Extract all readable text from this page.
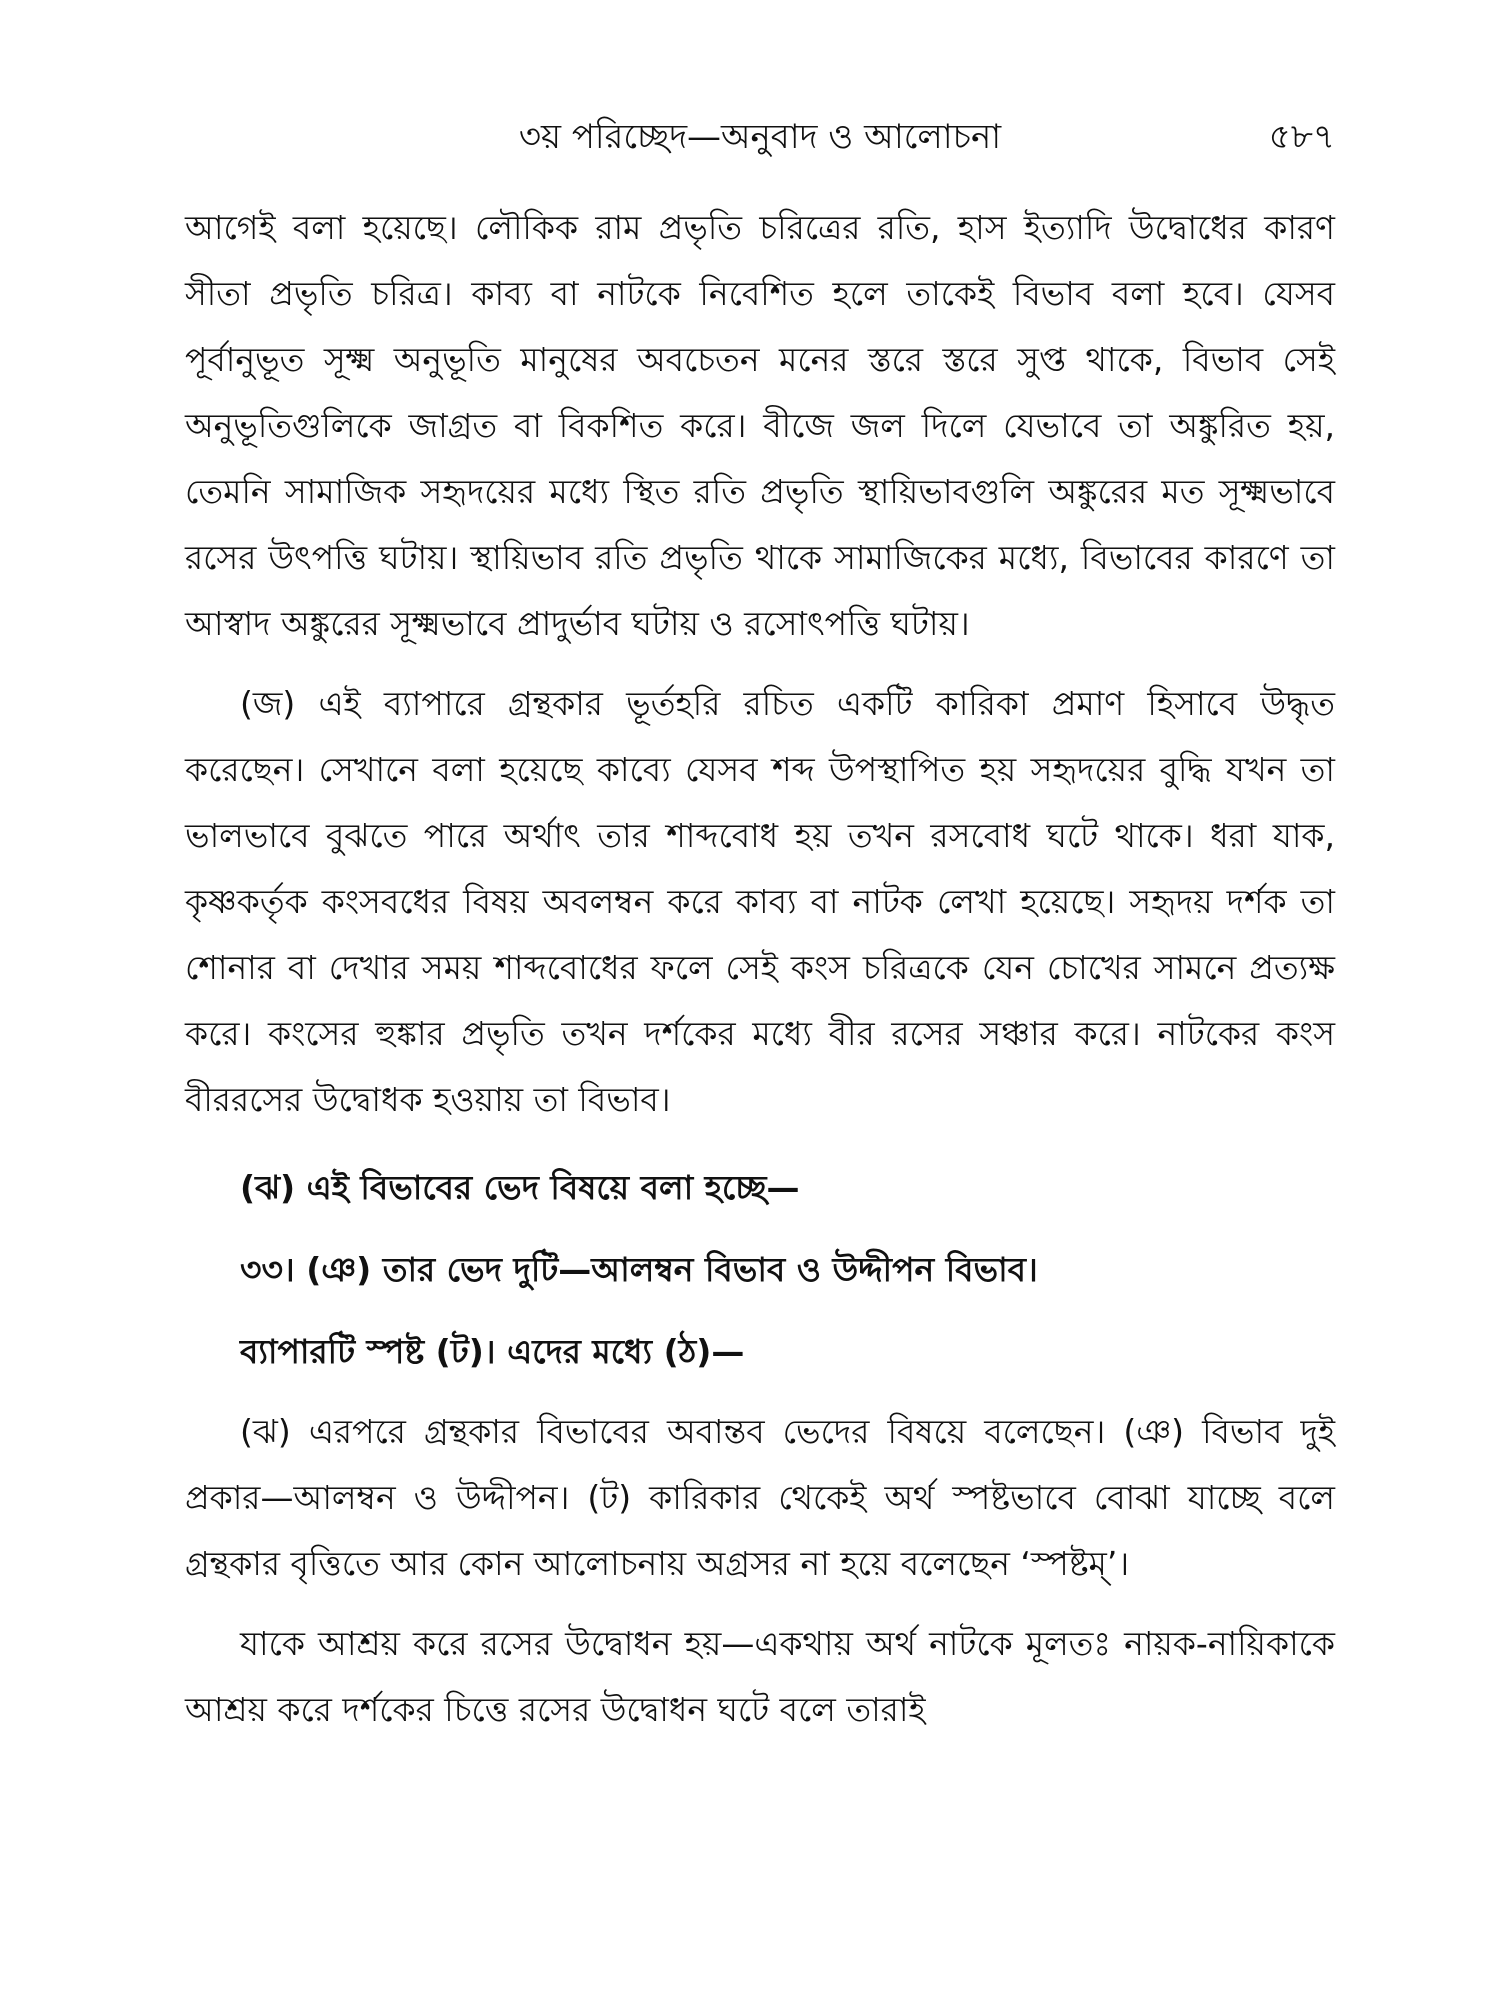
৩য় পরিচ্ছেদ—অনুবাদ ও আলোচনা	৫৮৭

আগেই বলা হয়েছে। লৌকিক রাম প্রভৃতি চরিত্রের রতি, হাস ইত্যাদি উদ্বোধের কারণ সীতা প্রভৃতি চরিত্র। কাব্য বা নাটকে নিবেশিত হলে তাকেই বিভাব বলা হবে। যেসব পূর্বানুভূত সূক্ষ্ম অনুভূতি মানুষের অবচেতন মনের স্তরে স্তরে সুপ্ত থাকে, বিভাব সেই অনুভূতিগুলিকে জাগ্রত বা বিকশিত করে। বীজে জল দিলে যেভাবে তা অঙ্কুরিত হয়, তেমনি সামাজিক সহৃদয়ের মধ্যে স্থিত রতি প্রভৃতি স্থায়িভাবগুলি অঙ্কুরের মত সূক্ষ্মভাবে রসের উৎপত্তি ঘটায়। স্থায়িভাব রতি প্রভৃতি থাকে সামাজিকের মধ্যে, বিভাবের কারণে তা আস্বাদ অঙ্কুরের সূক্ষ্মভাবে প্রাদুর্ভাব ঘটায় ও রসোৎপত্তি ঘটায়।

(জ) এই ব্যাপারে গ্রন্থকার ভূর্তহরি রচিত একটি কারিকা প্রমাণ হিসাবে উদ্ধৃত করেছেন। সেখানে বলা হয়েছে কাব্যে যেসব শব্দ উপস্থাপিত হয় সহৃদয়ের বুদ্ধি যখন তা ভালভাবে বুঝতে পারে অর্থাৎ তার শাব্দবোধ হয় তখন রসবোধ ঘটে থাকে। ধরা যাক, কৃষ্ণকর্তৃক কংসবধের বিষয় অবলম্বন করে কাব্য বা নাটক লেখা হয়েছে। সহৃদয় দর্শক তা শোনার বা দেখার সময় শাব্দবোধের ফলে সেই কংস চরিত্রকে যেন চোখের সামনে প্রত্যক্ষ করে। কংসের হুঙ্কার প্রভৃতি তখন দর্শকের মধ্যে বীর রসের সঞ্চার করে। নাটকের কংস বীররসের উদ্বোধক হওয়ায় তা বিভাব।

(ঝ) এই বিভাবের ভেদ বিষয়ে বলা হচ্ছে—

৩৩। (ঞ) তার ভেদ দুটি—আলম্বন বিভাব ও উদ্দীপন বিভাব।

ব্যাপারটি স্পষ্ট (ট)। এদের মধ্যে (ঠ)—

(ঝ) এরপরে গ্রন্থকার বিভাবের অবান্তব ভেদের বিষয়ে বলেছেন। (ঞ) বিভাব দুই প্রকার—আলম্বন ও উদ্দীপন। (ট) কারিকার থেকেই অর্থ স্পষ্টভাবে বোঝা যাচ্ছে বলে গ্রন্থকার বৃত্তিতে আর কোন আলোচনায় অগ্রসর না হয়ে বলেছেন ‘স্পষ্টম্’।

যাকে আশ্রয় করে রসের উদ্বোধন হয়—একথায় অর্থ নাটকে মূলতঃ নায়ক-নায়িকাকে আশ্রয় করে দর্শকের চিত্তে রসের উদ্বোধন ঘটে বলে তারাই
